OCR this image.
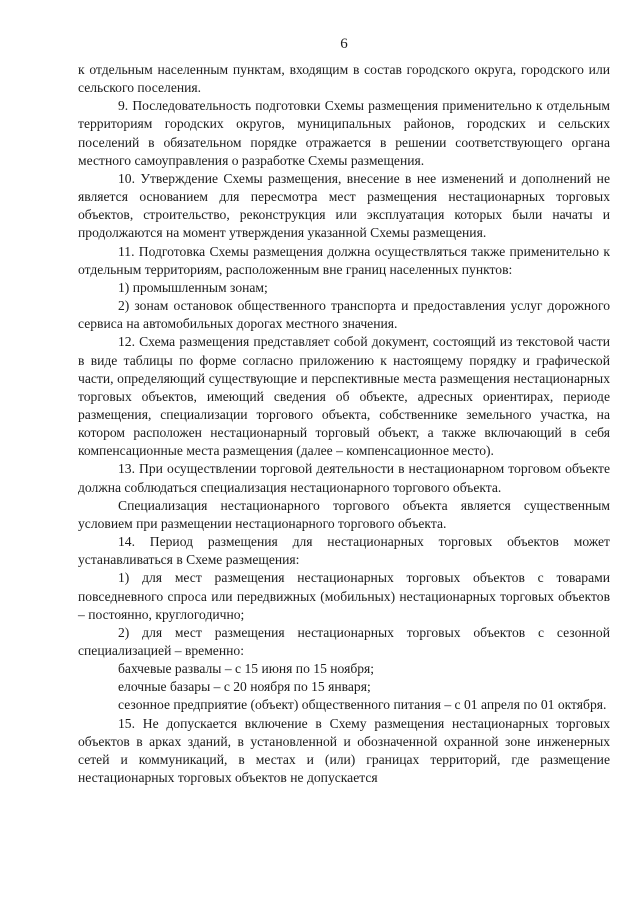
6

к отдельным населенным пунктам, входящим в состав городского округа, городского или сельского поселения.

9. Последовательность подготовки Схемы размещения применительно к отдельным территориям городских округов, муниципальных районов, городских и сельских поселений в обязательном порядке отражается в решении соответствующего органа местного самоуправления о разработке Схемы размещения.

10. Утверждение Схемы размещения, внесение в нее изменений и дополнений не является основанием для пересмотра мест размещения нестационарных торговых объектов, строительство, реконструкция или эксплуатация которых были начаты и продолжаются на момент утверждения указанной Схемы размещения.

11. Подготовка Схемы размещения должна осуществляться также применительно к отдельным территориям, расположенным вне границ населенных пунктов:

1) промышленным зонам;

2) зонам остановок общественного транспорта и предоставления услуг дорожного сервиса на автомобильных дорогах местного значения.

12. Схема размещения представляет собой документ, состоящий из текстовой части в виде таблицы по форме согласно приложению к настоящему порядку и графической части, определяющий существующие и перспективные места размещения нестационарных торговых объектов, имеющий сведения об объекте, адресных ориентирах, периоде размещения, специализации торгового объекта, собственнике земельного участка, на котором расположен нестационарный торговый объект, а также включающий в себя компенсационные места размещения (далее – компенсационное место).

13. При осуществлении торговой деятельности в нестационарном торговом объекте должна соблюдаться специализация нестационарного торгового объекта.

Специализация нестационарного торгового объекта является существенным условием при размещении нестационарного торгового объекта.

14. Период размещения для нестационарных торговых объектов может устанавливаться в Схеме размещения:

1) для мест размещения нестационарных торговых объектов с товарами повседневного спроса или передвижных (мобильных) нестационарных торговых объектов – постоянно, круглогодично;

2) для мест размещения нестационарных торговых объектов с сезонной специализацией – временно:

бахчевые развалы – с 15 июня по 15 ноября;

елочные базары – с 20 ноября по 15 января;

сезонное предприятие (объект) общественного питания – с 01 апреля по 01 октября.

15. Не допускается включение в Схему размещения нестационарных торговых объектов в арках зданий, в установленной и обозначенной охранной зоне инженерных сетей и коммуникаций, в местах и (или) границах территорий, где размещение нестационарных торговых объектов не допускается
